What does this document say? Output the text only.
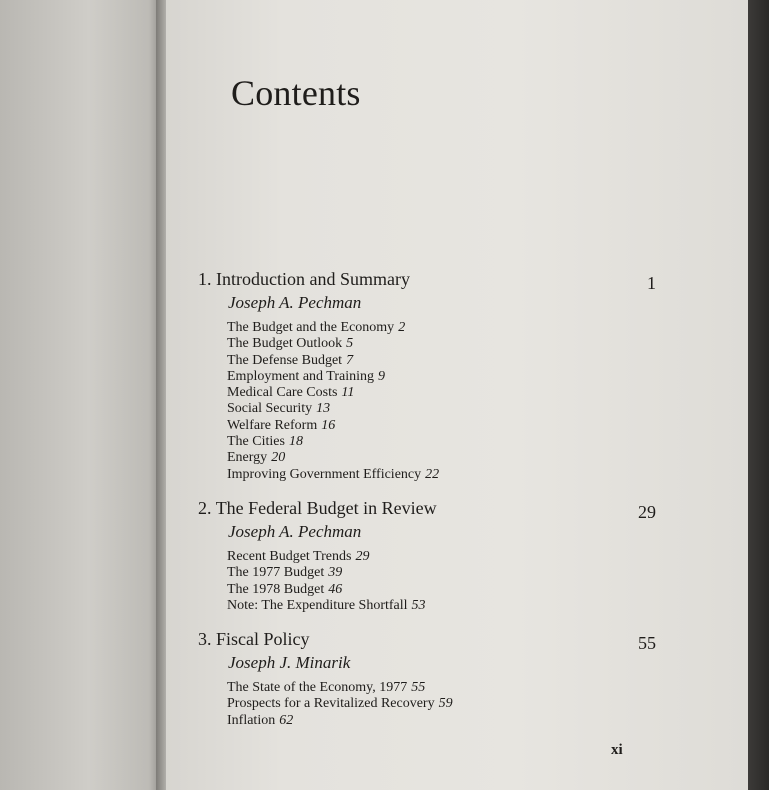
Contents
1. Introduction and Summary	1
Joseph A. Pechman
The Budget and the Economy 2
The Budget Outlook 5
The Defense Budget 7
Employment and Training 9
Medical Care Costs 11
Social Security 13
Welfare Reform 16
The Cities 18
Energy 20
Improving Government Efficiency 22
2. The Federal Budget in Review	29
Joseph A. Pechman
Recent Budget Trends 29
The 1977 Budget 39
The 1978 Budget 46
Note: The Expenditure Shortfall 53
3. Fiscal Policy	55
Joseph J. Minarik
The State of the Economy, 1977 55
Prospects for a Revitalized Recovery 59
Inflation 62
xi
